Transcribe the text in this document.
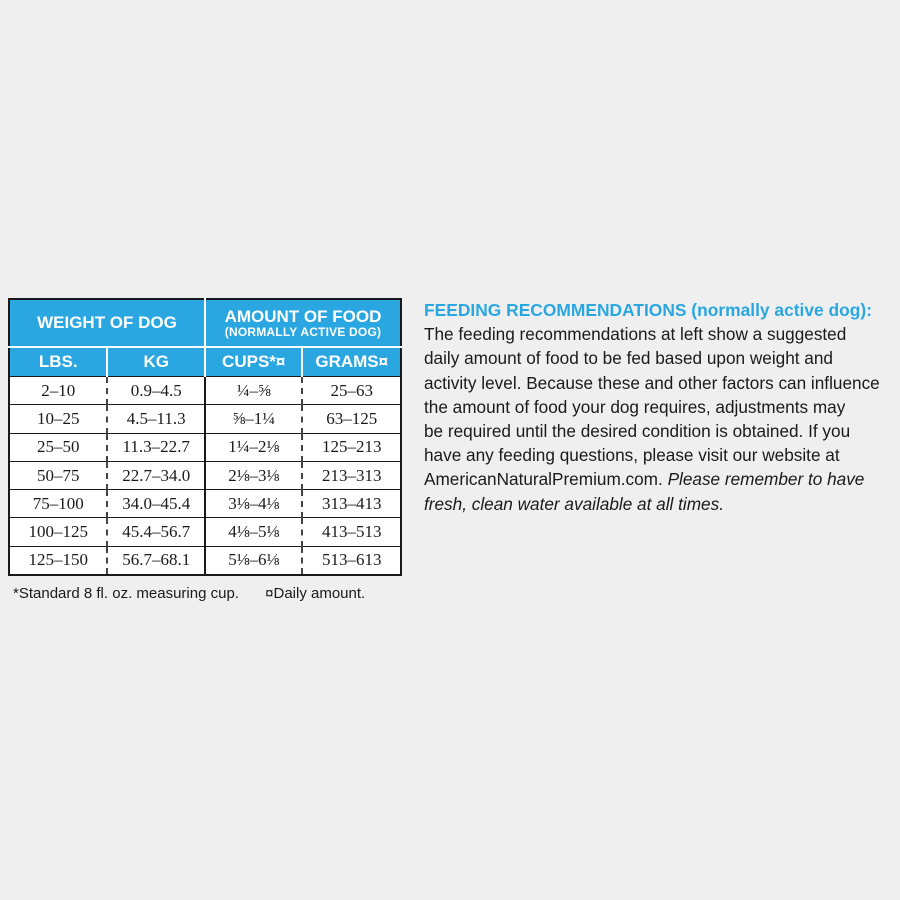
WEIGHT OF DOG		AMOUNT OF FOOD
(NORMALLY ACTIVE DOG)	

LBS.	KG	CUPS*¤	GRAMS¤
2–10	0.9–4.5	¼–⅝	25–63
10–25	4.5–11.3	⅝–1¼	63–125
25–50	11.3–22.7	1¼–2⅛	125–213
50–75	22.7–34.0	2⅛–3⅛	213–313
75–100	34.0–45.4	3⅛–4⅛	313–413
100–125	45.4–56.7	4⅛–5⅛	413–513
125–150	56.7–68.1	5⅛–6⅛	513–613
*Standard 8 fl. oz. measuring cup. ¤Daily amount.
FEEDING RECOMMENDATIONS (normally active dog):
The feeding recommendations at left show a suggested
daily amount of food to be fed based upon weight and
activity level. Because these and other factors can influence
the amount of food your dog requires, adjustments may
be required until the desired condition is obtained. If you
have any feeding questions, please visit our website at
AmericanNaturalPremium.com. Please remember to have
fresh, clean water available at all times.
